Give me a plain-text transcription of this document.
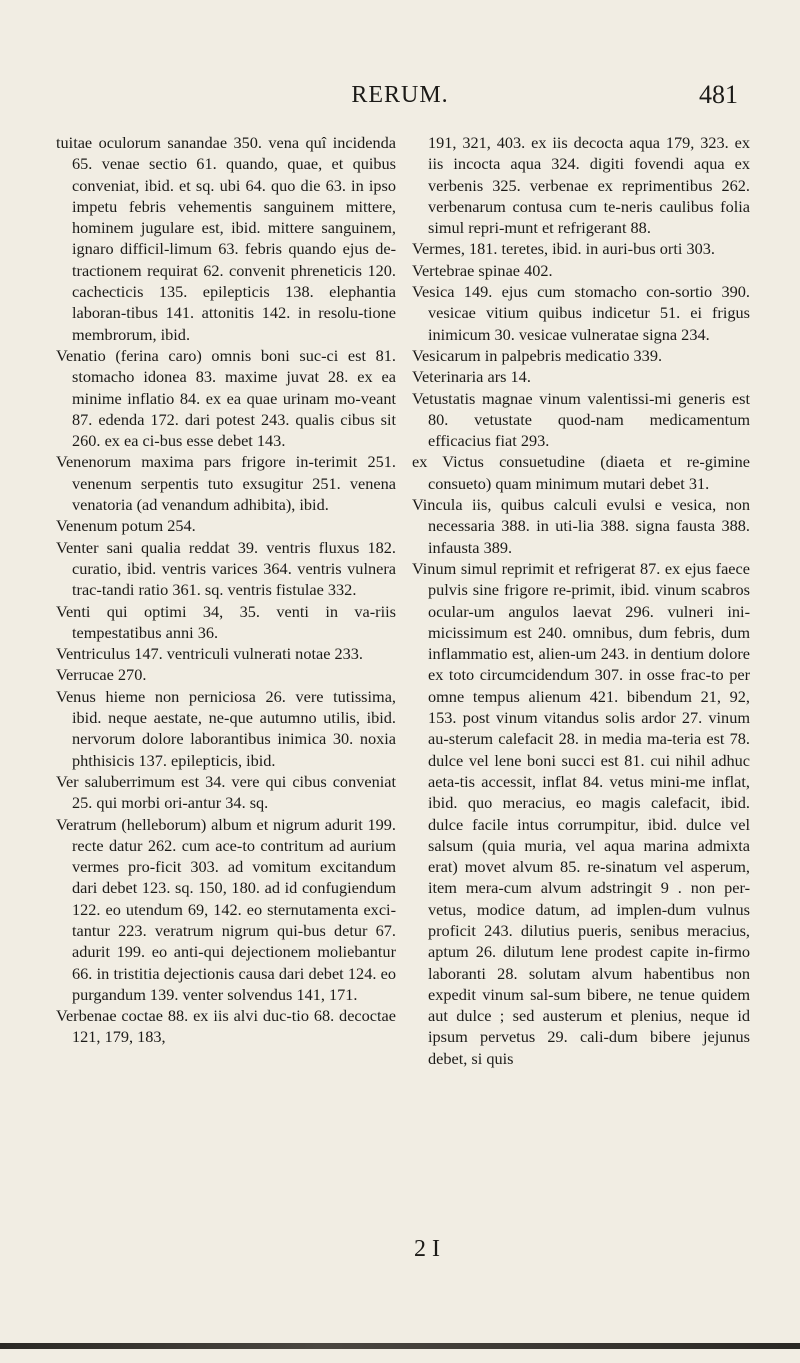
RERUM.	481

tuitae oculorum sanandae 350. vena quî incidenda 65. venae sectio 61. quando, quae, et quibus conveniat, ibid. et sq. ubi 64. quo die 63. in ipso impetu febris vehementis sanguinem mittere, hominem jugulare est, ibid. mittere sanguinem, ignaro difficil-limum 63. febris quando ejus de-tractionem requirat 62. convenit phreneticis 120. cachecticis 135. epilepticis 138. elephantia laboran-tibus 141. attonitis 142. in resolu-tione membrorum, ibid.

Venatio (ferina caro) omnis boni suc-ci est 81. stomacho idonea 83. maxime juvat 28. ex ea minime inflatio 84. ex ea quae urinam mo-veant 87. edenda 172. dari potest 243. qualis cibus sit 260. ex ea ci-bus esse debet 143.

Venenorum maxima pars frigore in-terimit 251. venenum serpentis tuto exsugitur 251. venena venatoria (ad venandum adhibita), ibid.

Venenum potum 254.

Venter sani qualia reddat 39. ventris fluxus 182. curatio, ibid. ventris varices 364. ventris vulnera trac-tandi ratio 361. sq. ventris fistulae 332.

Venti qui optimi 34, 35. venti in va-riis tempestatibus anni 36.

Ventriculus 147. ventriculi vulnerati notae 233.

Verrucae 270.

Venus hieme non perniciosa 26. vere tutissima, ibid. neque aestate, ne-que autumno utilis, ibid. nervorum dolore laborantibus inimica 30. noxia phthisicis 137. epilepticis, ibid.

Ver saluberrimum est 34. vere qui cibus conveniat 25. qui morbi ori-antur 34. sq.

Veratrum (helleborum) album et nigrum adurit 199. recte datur 262. cum ace-to contritum ad aurium vermes pro-ficit 303. ad vomitum excitandum dari debet 123. sq. 150, 180. ad id confugiendum 122. eo utendum 69, 142. eo sternutamenta exci-tantur 223. veratrum nigrum qui-bus detur 67. adurit 199. eo anti-qui dejectionem moliebantur 66. in tristitia dejectionis causa dari debet 124. eo purgandum 139. venter solvendus 141, 171.

Verbenae coctae 88. ex iis alvi duc-tio 68. decoctae 121, 179, 183,

191, 321, 403. ex iis decocta aqua 179, 323. ex iis incocta aqua 324. digiti fovendi aqua ex verbenis 325. verbenae ex reprimentibus 262. verbenarum contusa cum te-neris caulibus folia simul repri-munt et refrigerant 88.

Vermes, 181. teretes, ibid. in auri-bus orti 303.

Vertebrae spinae 402.

Vesica 149. ejus cum stomacho con-sortio 390. vesicae vitium quibus indicetur 51. ei frigus inimicum 30. vesicae vulneratae signa 234.

Vesicarum in palpebris medicatio 339.

Veterinaria ars 14.

Vetustatis magnae vinum valentissi-mi generis est 80. vetustate quod-nam medicamentum efficacius fiat 293.

ex Victus consuetudine (diaeta et re-gimine consueto) quam minimum mutari debet 31.

Vincula iis, quibus calculi evulsi e vesica, non necessaria 388. in uti-lia 388. signa fausta 388. infausta 389.

Vinum simul reprimit et refrigerat 87. ex ejus faece pulvis sine frigore re-primit, ibid. vinum scabros ocular-um angulos laevat 296. vulneri ini-micissimum est 240. omnibus, dum febris, dum inflammatio est, alien-um 243. in dentium dolore ex toto circumcidendum 307. in osse frac-to per omne tempus alienum 421. bibendum 21, 92, 153. post vinum vitandus solis ardor 27. vinum au-sterum calefacit 28. in media ma-teria est 78. dulce vel lene boni succi est 81. cui nihil adhuc aeta-tis accessit, inflat 84. vetus mini-me inflat, ibid. quo meracius, eo magis calefacit, ibid. dulce facile intus corrumpitur, ibid. dulce vel salsum (quia muria, vel aqua marina admixta erat) movet alvum 85. re-sinatum vel asperum, item mera-cum alvum adstringit 9 . non per-vetus, modice datum, ad implen-dum vulnus proficit 243. dilutius pueris, senibus meracius, aptum 26. dilutum lene prodest capite in-firmo laboranti 28. solutam alvum habentibus non expedit vinum sal-sum bibere, ne tenue quidem aut dulce ; sed austerum et plenius, neque id ipsum pervetus 29. cali-dum bibere jejunus debet, si quis

2 I
